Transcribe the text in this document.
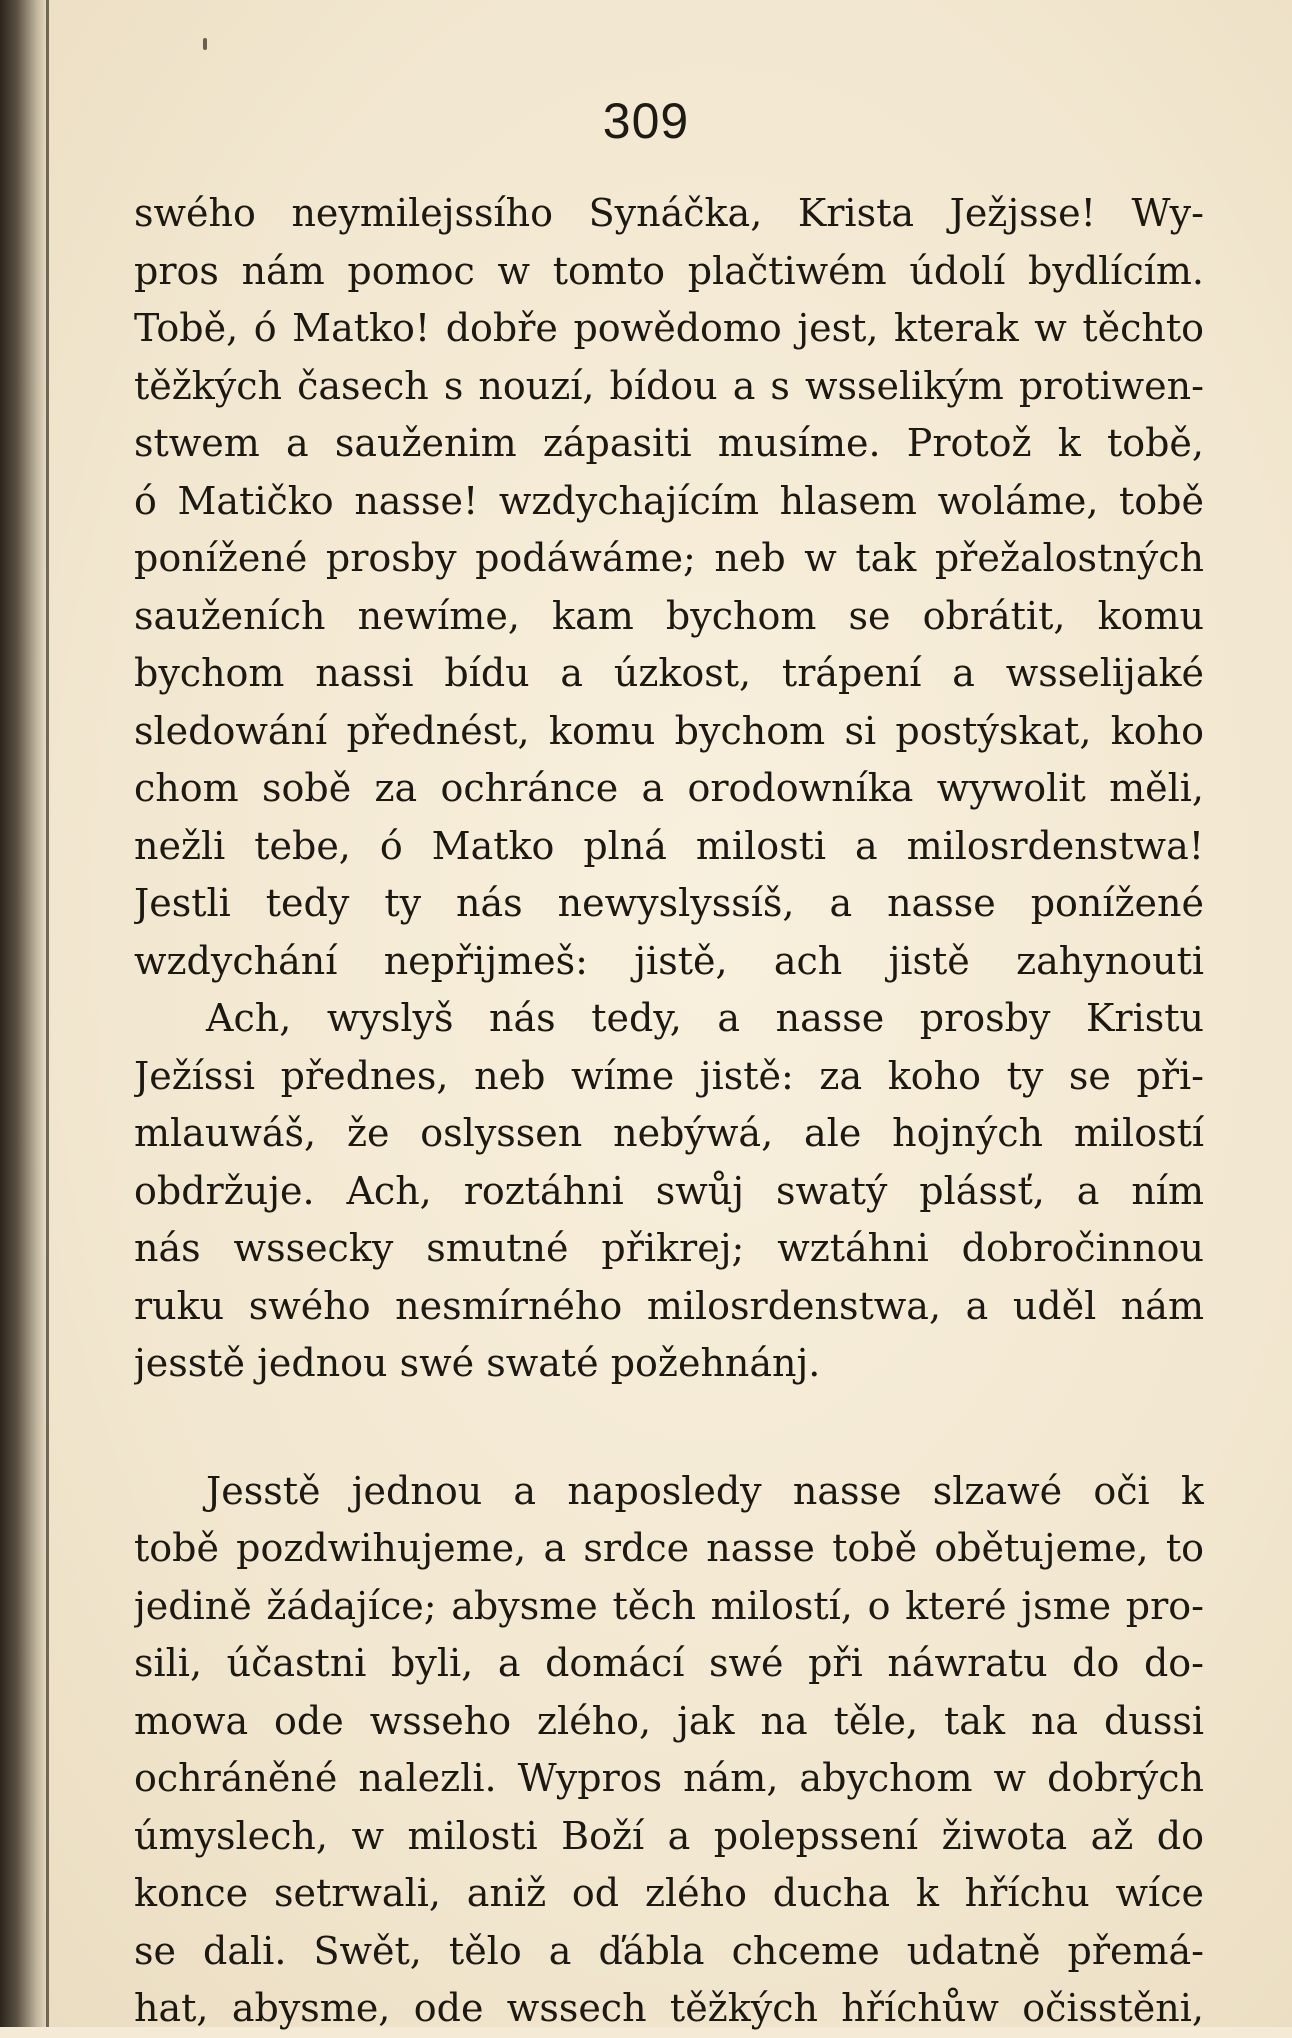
309
swého neymilejssího Synáčka, Krista Ježjsse! Wy-
pros nám pomoc w tomto plačtiwém údolí bydlícím.
Tobě, ó Matko! dobře powědomo jest, kterak w těchto
těžkých časech s nouzí, bídou a s wsselikým protiwen-
stwem a sauženim zápasiti musíme. Protož k tobě,
ó Matičko nasse! wzdychajícím hlasem woláme, tobě
ponížené prosby podáwáme; neb w tak přežalostných
sauženích newíme, kam bychom se obrátit, komu
bychom nassi bídu a úzkost, trápení a wsselijaké
sledowání přednést, komu bychom si postýskat, koho
chom sobě za ochránce a orodowníka wywolit měli,
nežli tebe, ó Matko plná milosti a milosrdenstwa!
Jestli tedy ty nás newyslyssíš, a nasse ponížené
wzdychání nepřijmeš: jistě, ach jistě zahynouti
Ach, wyslyš nás tedy, a nasse prosby Kristu
Ježíssi přednes, neb wíme jistě: za koho ty se při-
mlauwáš, že oslyssen nebýwá, ale hojných milostí
obdržuje. Ach, roztáhni swůj swatý plássť, a ním
nás wssecky smutné přikrej; wztáhni dobročinnou
ruku swého nesmírného milosrdenstwa, a uděl nám
jesstě jednou swé swaté požehnánj.
Jesstě jednou a naposledy nasse slzawé oči k
tobě pozdwihujeme, a srdce nasse tobě obětujeme, to
jedině žádajíce; abysme těch milostí, o které jsme pro-
sili, účastni byli, a domácí swé při náwratu do do-
mowa ode wsseho zlého, jak na těle, tak na dussi
ochráněné nalezli. Wypros nám, abychom w dobrých
úmyslech, w milosti Boží a polepssení žiwota až do
konce setrwali, aniž od zlého ducha k hříchu wíce
se dali. Swět, tělo a ďábla chceme udatně přemá-
hat, abysme, ode wssech těžkých hříchůw očisstěni,
